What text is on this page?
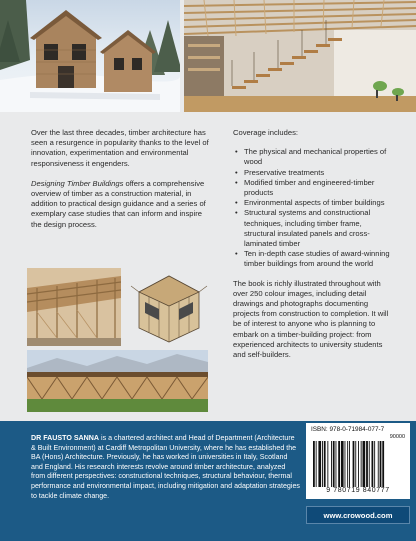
Over the last three decades, timber architecture has seen a resurgence in popularity thanks to the level of innovation, experimentation and environmental responsiveness it engenders.

Designing Timber Buildings offers a comprehensive overview of timber as a construction material, in addition to practical design guidance and a series of exemplary case studies that can inform and inspire the design process.

Coverage includes:

• The physical and mechanical properties of wood
• Preservative treatments
• Modified timber and engineered-timber products
• Environmental aspects of timber buildings
• Structural systems and constructional techniques, including timber frame, structural insulated panels and cross-laminated timber
• Ten in-depth case studies of award-winning timber buildings from around the world

The book is richly illustrated throughout with over 250 colour images, including detail drawings and photographs documenting projects from construction to completion. It will be of interest to anyone who is planning to embark on a timber-building project: from experienced architects to university students and self-builders.

DR FAUSTO SANNA is a chartered architect and Head of Department (Architecture & Built Environment) at Cardiff Metropolitan University, where he has established the BA (Hons) Architecture. Previously, he has worked in universities in Italy, Scotland and England. His research interests revolve around timber architecture, analyzed from different perspectives: constructional techniques, structural behaviour, thermal performance and environmental impact, including mitigation and adaptation strategies to tackle climate change.

ISBN: 978-0-71984-077-7
90000
9 780719 840777
www.crowood.com
